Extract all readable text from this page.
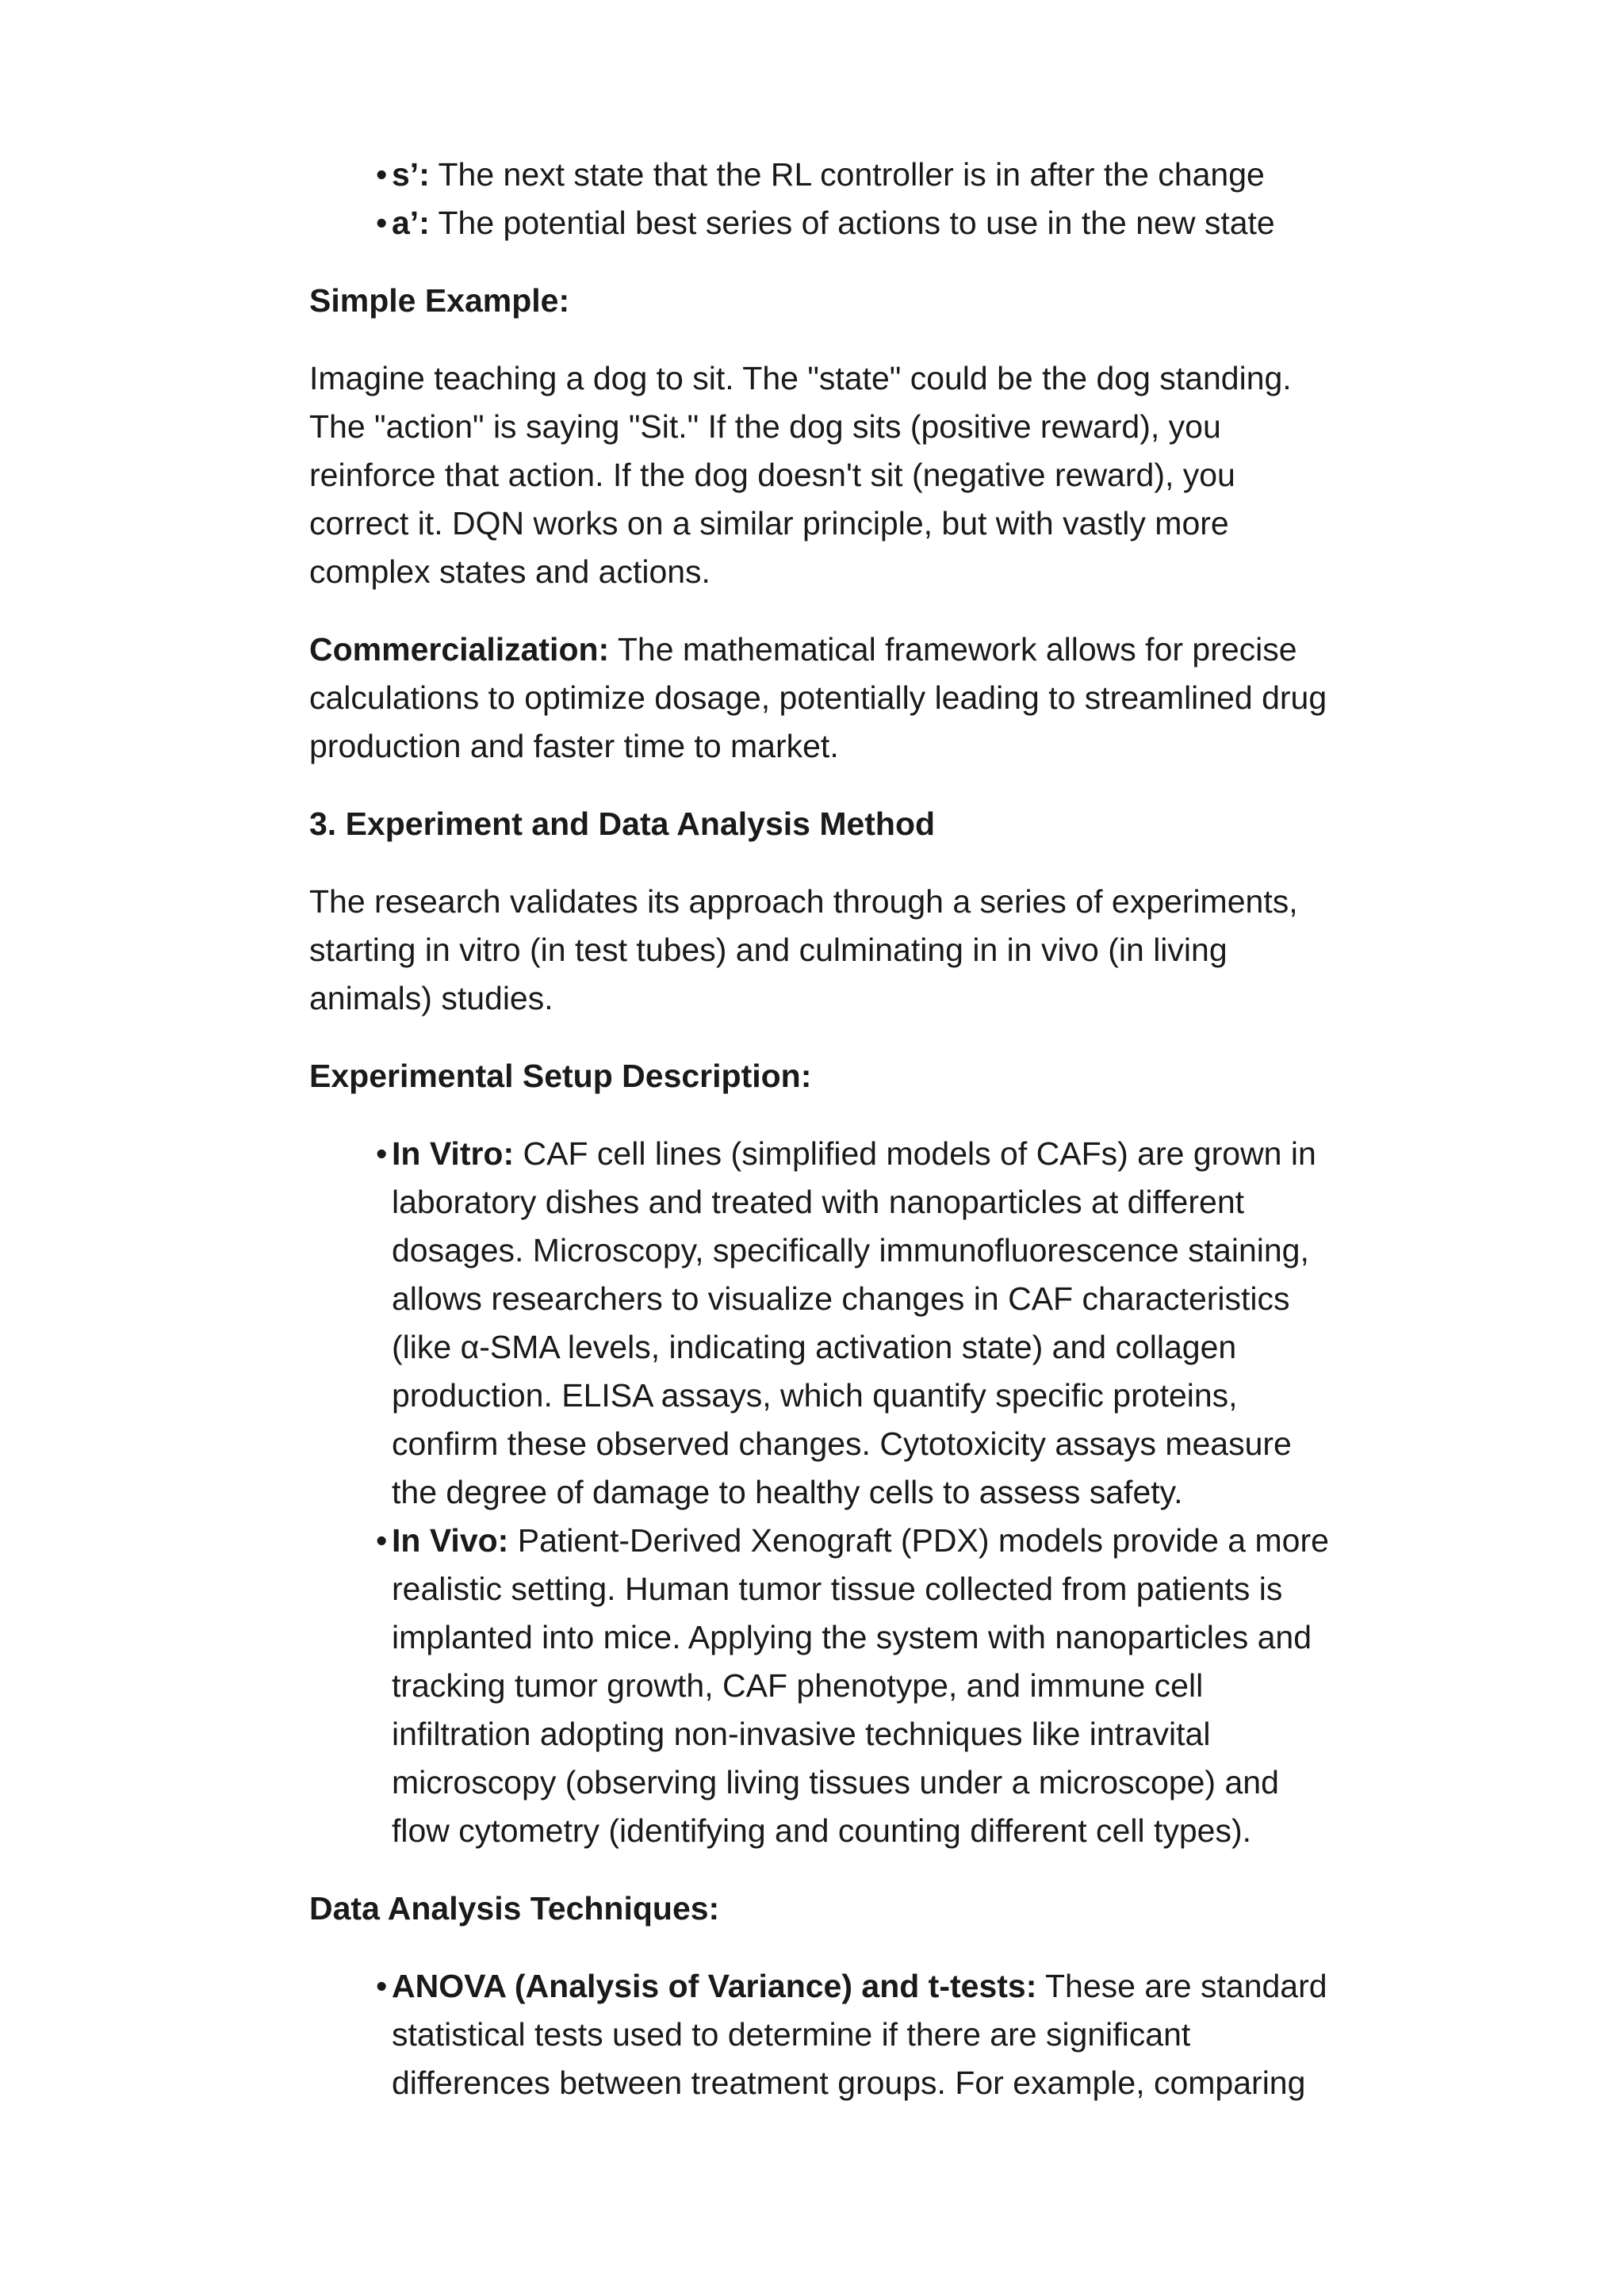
• s’: The next state that the RL controller is in after the change
• a’: The potential best series of actions to use in the new state

Simple Example:

Imagine teaching a dog to sit. The "state" could be the dog standing. The "action" is saying "Sit." If the dog sits (positive reward), you reinforce that action. If the dog doesn't sit (negative reward), you correct it. DQN works on a similar principle, but with vastly more complex states and actions.

Commercialization: The mathematical framework allows for precise calculations to optimize dosage, potentially leading to streamlined drug production and faster time to market.

3. Experiment and Data Analysis Method

The research validates its approach through a series of experiments, starting in vitro (in test tubes) and culminating in in vivo (in living animals) studies.

Experimental Setup Description:

• In Vitro: CAF cell lines (simplified models of CAFs) are grown in laboratory dishes and treated with nanoparticles at different dosages. Microscopy, specifically immunofluorescence staining, allows researchers to visualize changes in CAF characteristics (like α-SMA levels, indicating activation state) and collagen production. ELISA assays, which quantify specific proteins, confirm these observed changes. Cytotoxicity assays measure the degree of damage to healthy cells to assess safety.
• In Vivo: Patient-Derived Xenograft (PDX) models provide a more realistic setting. Human tumor tissue collected from patients is implanted into mice. Applying the system with nanoparticles and tracking tumor growth, CAF phenotype, and immune cell infiltration adopting non-invasive techniques like intravital microscopy (observing living tissues under a microscope) and flow cytometry (identifying and counting different cell types).

Data Analysis Techniques:

• ANOVA (Analysis of Variance) and t-tests: These are standard statistical tests used to determine if there are significant differences between treatment groups. For example, comparing
